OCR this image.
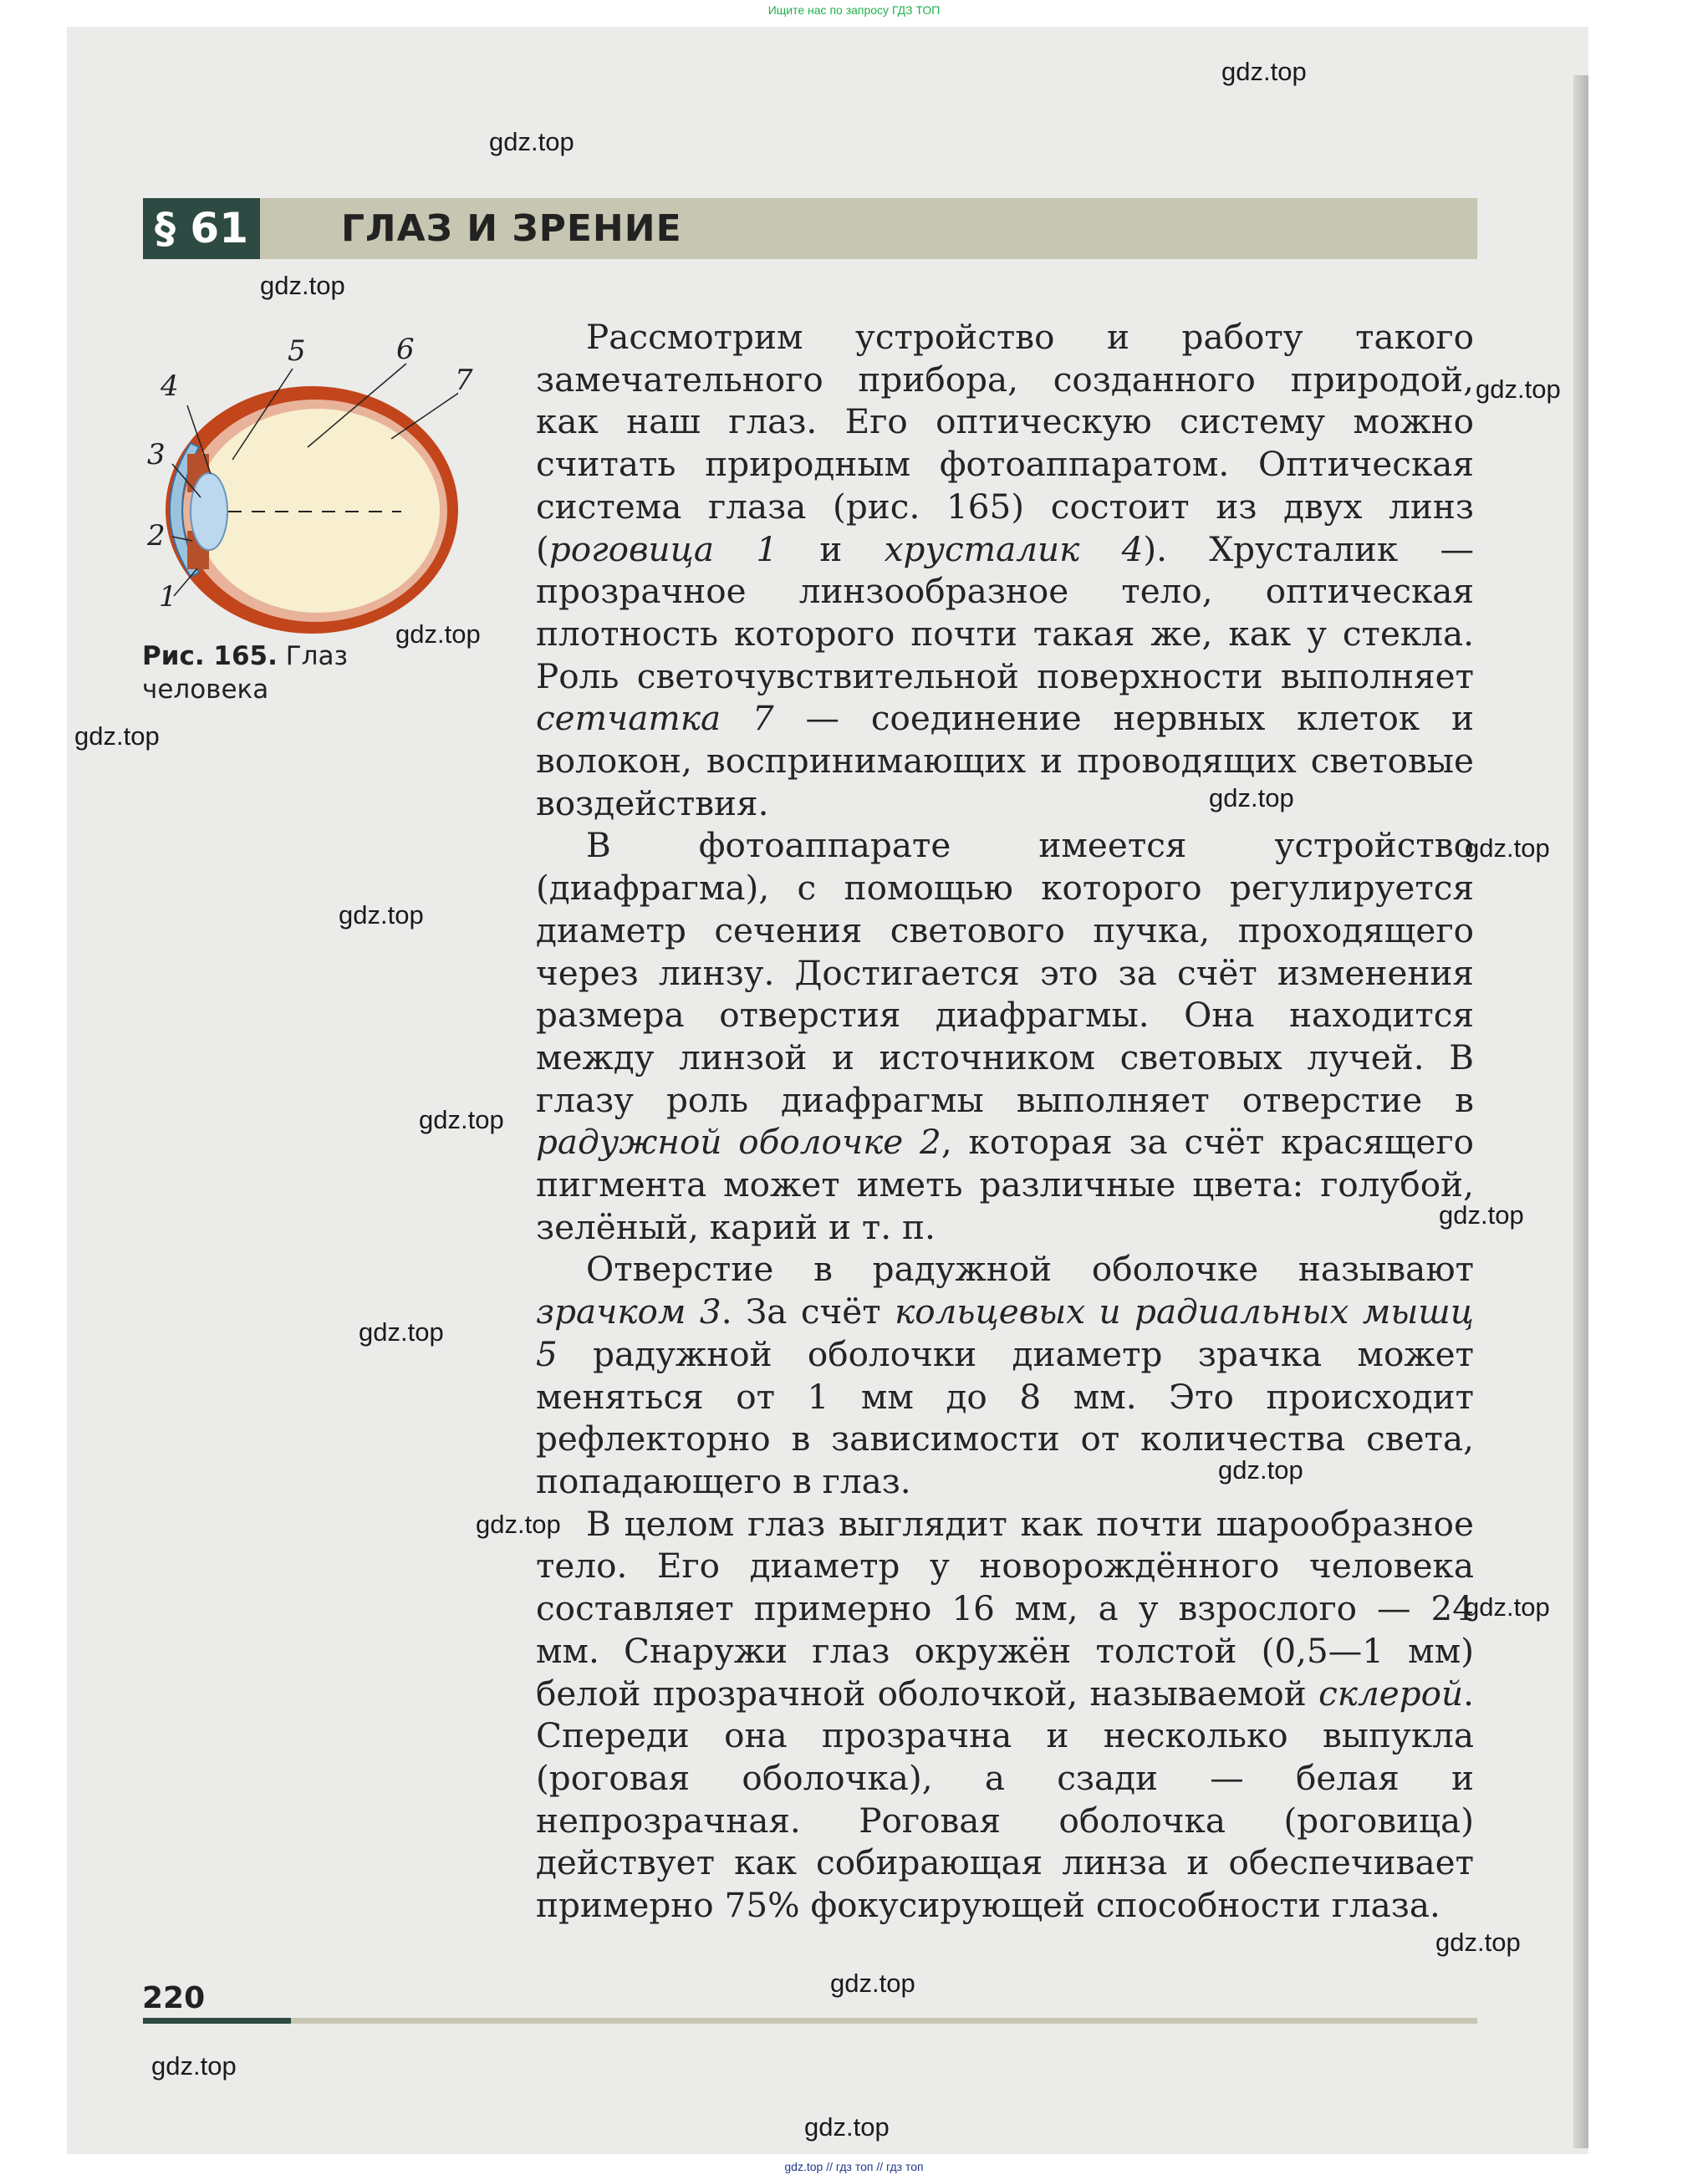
Ищите нас по запросу ГДЗ ТОП
§ 61	ГЛАЗ И ЗРЕНИЕ
1
2
3
4
5	6
7
Рис. 165. Глаз человека

Рассмотрим устройство и работу такого замечательного прибора, созданного природой, как наш глаз. Его оптическую систему можно считать природным фотоаппаратом. Оптическая система глаза (рис. 165) состоит из двух линз (роговица 1 и хрусталик 4). Хрусталик — прозрачное линзообразное тело, оптическая плотность которого почти такая же, как у стекла. Роль светочувствительной поверхности выполняет сетчатка 7 — соединение нервных клеток и волокон, воспринимающих и проводящих световые воздействия.

В фотоаппарате имеется устройство (диафрагма), с помощью которого регулируется диаметр сечения светового пучка, проходящего через линзу. Достигается это за счёт изменения размера отверстия диафрагмы. Она находится между линзой и источником световых лучей. В глазу роль диафрагмы выполняет отверстие в радужной оболочке 2, которая за счёт красящего пигмента может иметь различные цвета: голубой, зелёный, карий и т. п.

Отверстие в радужной оболочке называют зрачком 3. За счёт кольцевых и радиальных мышц 5 радужной оболочки диаметр зрачка может меняться от 1 мм до 8 мм. Это происходит рефлекторно в зависимости от количества света, попадающего в глаз.

В целом глаз выглядит как почти шарообразное тело. Его диаметр у новорождённого человека составляет примерно 16 мм, а у взрослого — 24 мм. Снаружи глаз окружён толстой (0,5—1 мм) белой прозрачной оболочкой, называемой склерой. Спереди она прозрачна и несколько выпукла (роговая оболочка), а сзади — белая и непрозрачная. Роговая оболочка (роговица) действует как собирающая линза и обеспечивает примерно 75% фокусирующей способности глаза.

220
gdz.top
gdz.top
gdz.top
gdz.top
gdz.top
gdz.top
gdz.top
gdz.top
gdz.top
gdz.top
gdz.top
gdz.top
gdz.top
gdz.top
gdz.top
gdz.top
gdz.top
gdz.top
gdz.top
gdz.top // гдз топ // гдз топ
